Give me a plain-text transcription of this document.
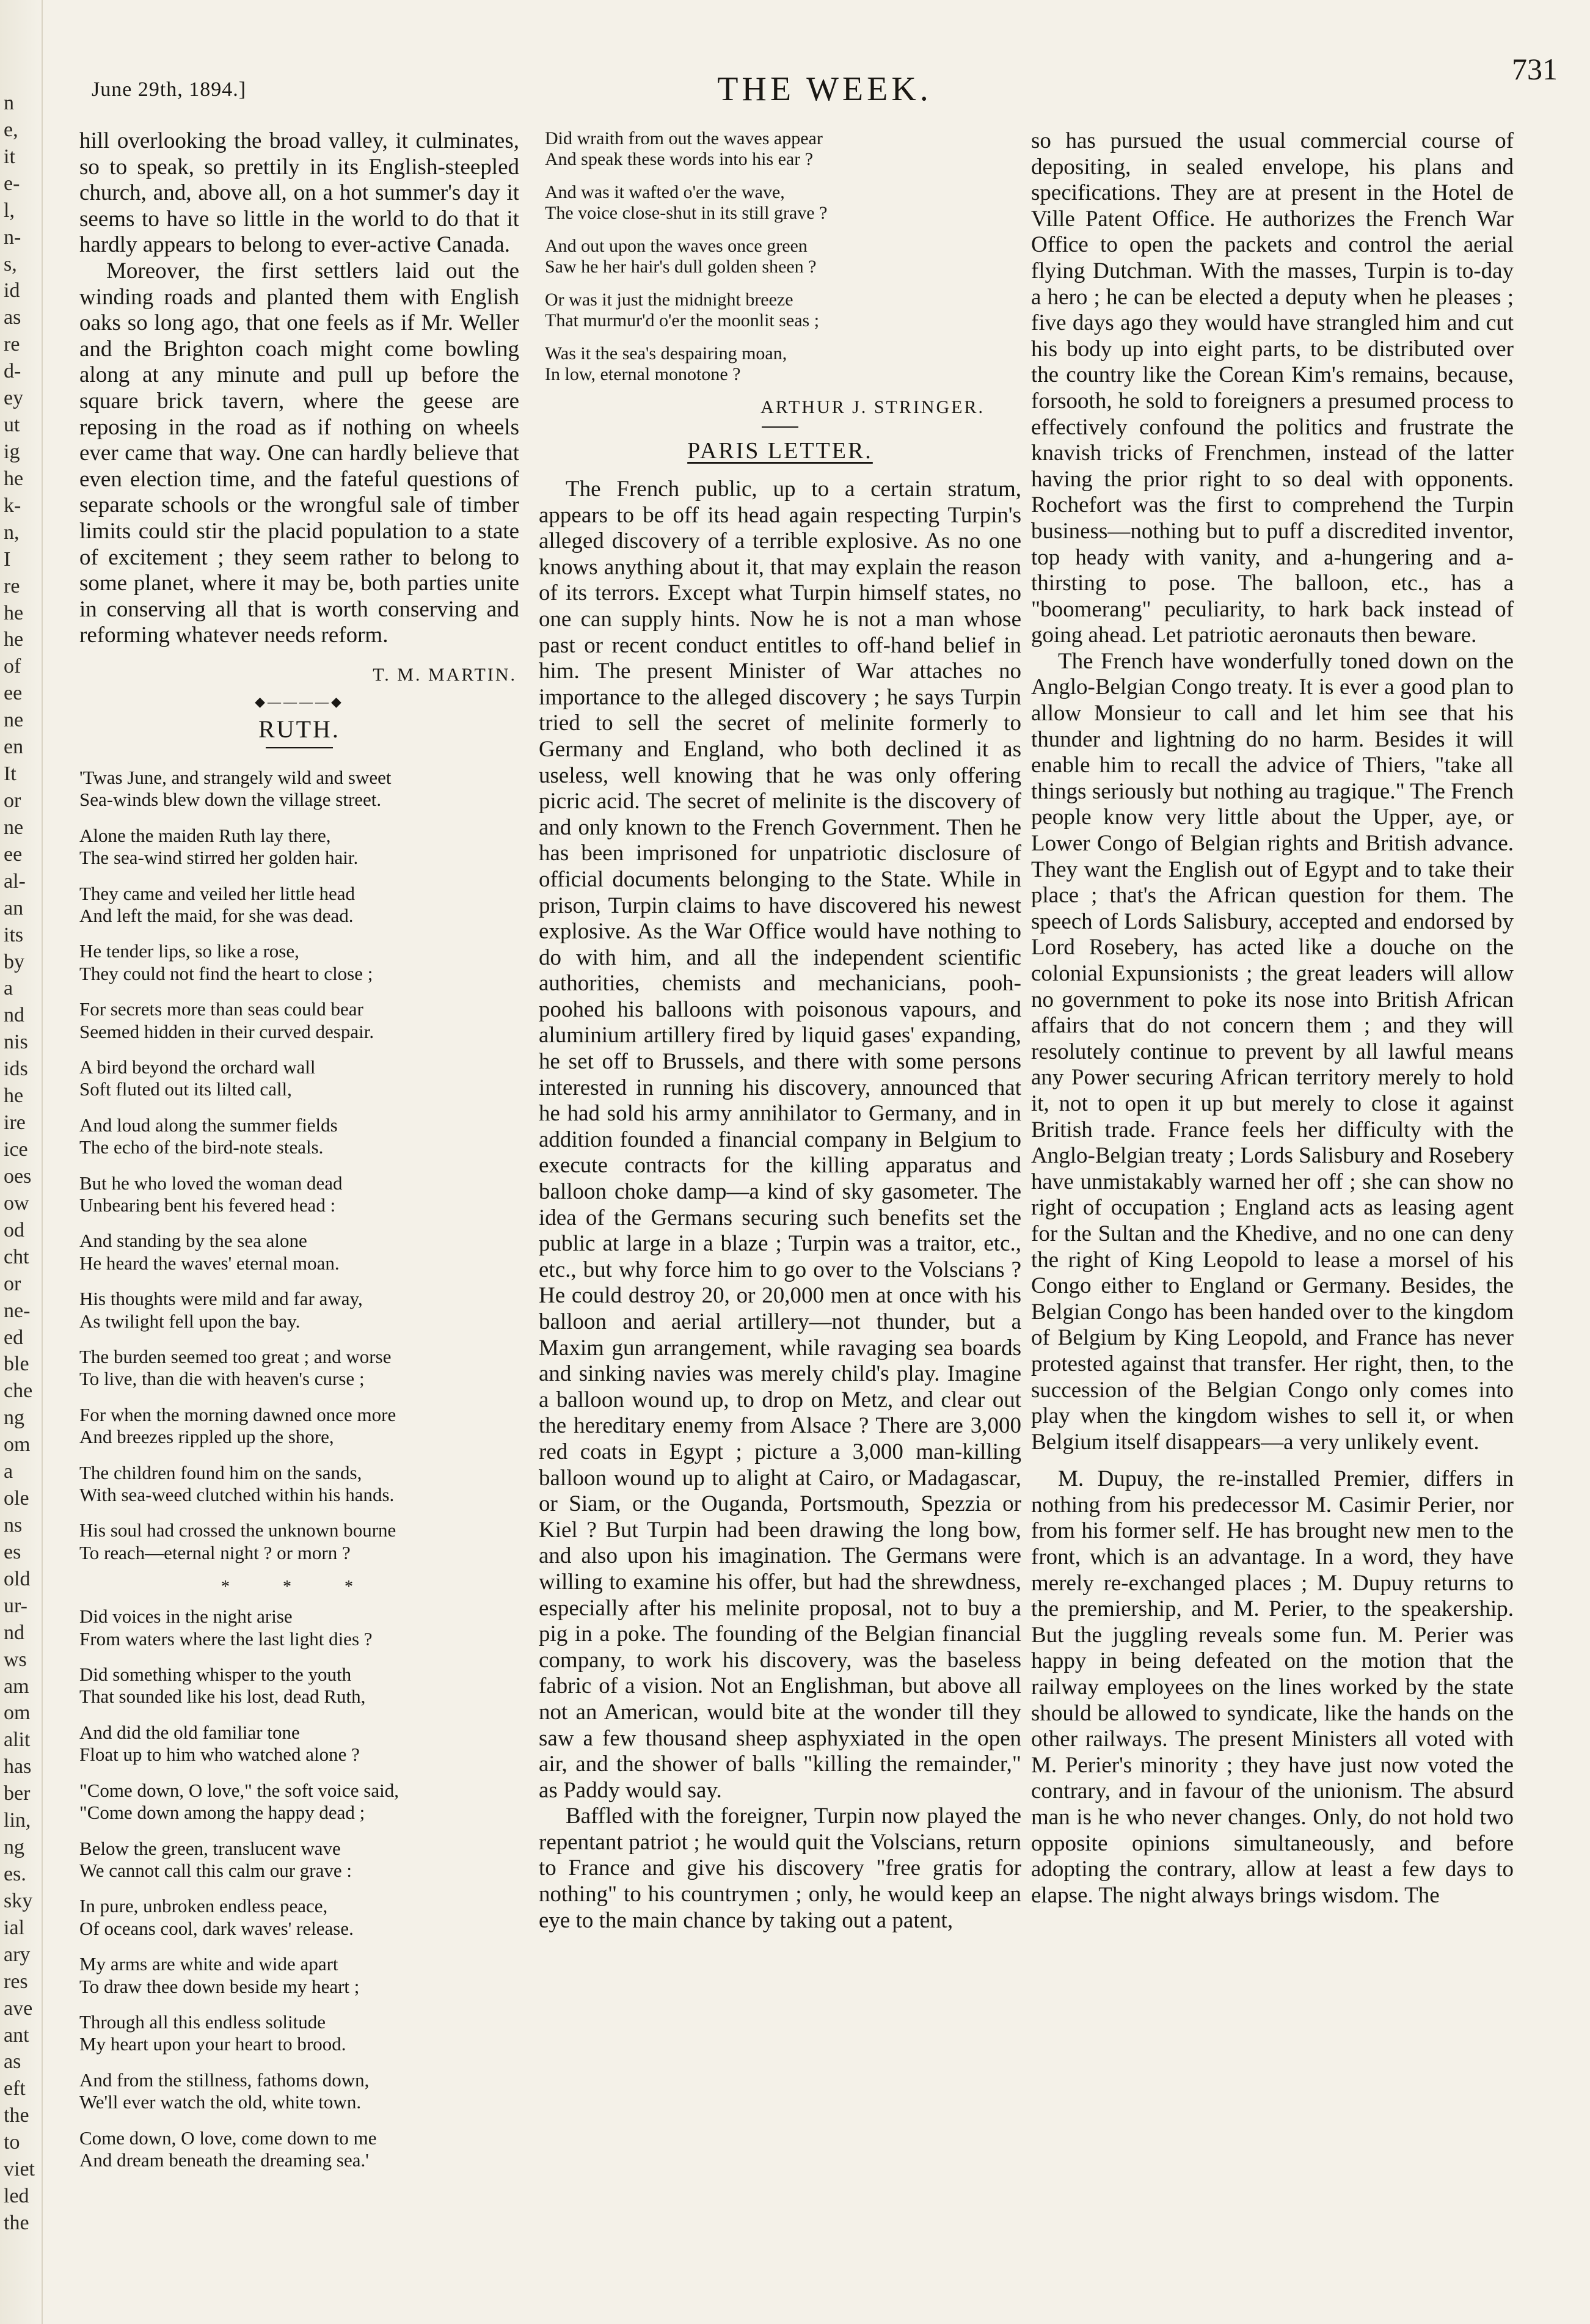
n
e,
it
e-
l,
n-
s,
id
as
re
d-
ey
ut
ig
he
k-
n,
I
re
he
he
of
ee
ne
en
It
or
ne
ee
al-
an
its
by
a
nd
nis
ids
he
ire
ice
oes
ow
od
cht
or
ne-
ed
ble
che
ng
om
a
ole
ns
es
old
ur-
nd
ws
am
om
alit
has
ber
lin,
ng
es.
sky
ial
ary
res
ave
ant
as
eft
the
to
viet
led
the
June 29th, 1894.]	THE WEEK.
731

hill overlooking the broad valley, it culminates, so to speak, so prettily in its English-steepled church, and, above all, on a hot summer's day it seems to have so little in the world to do that it hardly appears to belong to ever-active Canada.

Moreover, the first settlers laid out the winding roads and planted them with English oaks so long ago, that one feels as if Mr. Weller and the Brighton coach might come bowling along at any minute and pull up before the square brick tavern, where the geese are reposing in the road as if nothing on wheels ever came that way. One can hardly believe that even election time, and the fateful questions of separate schools or the wrongful sale of timber limits could stir the placid population to a state of excitement ; they seem rather to belong to some planet, where it may be, both parties unite in conserving all that is worth conserving and reforming whatever needs reform.

T. M. MARTIN.
◆————◆
RUTH.
'Twas June, and strangely wild and sweet
Sea-winds blew down the village street.
Alone the maiden Ruth lay there,
The sea-wind stirred her golden hair.
They came and veiled her little head
And left the maid, for she was dead.
He tender lips, so like a rose,
They could not find the heart to close ;
For secrets more than seas could bear
Seemed hidden in their curved despair.
A bird beyond the orchard wall
Soft fluted out its lilted call,
And loud along the summer fields
The echo of the bird-note steals.
But he who loved the woman dead
Unbearing bent his fevered head :
And standing by the sea alone
He heard the waves' eternal moan.
His thoughts were mild and far away,
As twilight fell upon the bay.
The burden seemed too great ; and worse
To live, than die with heaven's curse ;
For when the morning dawned once more
And breezes rippled up the shore,
The children found him on the sands,
With sea-weed clutched within his hands.
His soul had crossed the unknown bourne
To reach—eternal night ? or morn ?
* * *
Did voices in the night arise
From waters where the last light dies ?
Did something whisper to the youth
That sounded like his lost, dead Ruth,
And did the old familiar tone
Float up to him who watched alone ?
"Come down, O love," the soft voice said,
"Come down among the happy dead ;
Below the green, translucent wave
We cannot call this calm our grave :
In pure, unbroken endless peace,
Of oceans cool, dark waves' release.
My arms are white and wide apart
To draw thee down beside my heart ;
Through all this endless solitude
My heart upon your heart to brood.
And from the stillness, fathoms down,
We'll ever watch the old, white town.
Come down, O love, come down to me
And dream beneath the dreaming sea.'
Did wraith from out the waves appear
And speak these words into his ear ?
And was it wafted o'er the wave,
The voice close-shut in its still grave ?
And out upon the waves once green
Saw he her hair's dull golden sheen ?
Or was it just the midnight breeze
That murmur'd o'er the moonlit seas ;
Was it the sea's despairing moan,
In low, eternal monotone ?
ARTHUR J. STRINGER.
PARIS LETTER.

The French public, up to a certain stratum, appears to be off its head again respecting Turpin's alleged discovery of a terrible explosive. As no one knows anything about it, that may explain the reason of its terrors. Except what Turpin himself states, no one can supply hints. Now he is not a man whose past or recent conduct entitles to off-hand belief in him. The present Minister of War attaches no importance to the alleged discovery ; he says Turpin tried to sell the secret of melinite formerly to Germany and England, who both declined it as useless, well knowing that he was only offering picric acid. The secret of melinite is the discovery of and only known to the French Government. Then he has been imprisoned for unpatriotic disclosure of official documents belonging to the State. While in prison, Turpin claims to have discovered his newest explosive. As the War Office would have nothing to do with him, and all the independent scientific authorities, chemists and mechanicians, pooh-poohed his balloons with poisonous vapours, and aluminium artillery fired by liquid gases' expanding, he set off to Brussels, and there with some persons interested in running his discovery, announced that he had sold his army annihilator to Germany, and in addition founded a financial company in Belgium to execute contracts for the killing apparatus and balloon choke damp—a kind of sky gasometer. The idea of the Germans securing such benefits set the public at large in a blaze ; Turpin was a traitor, etc., etc., but why force him to go over to the Volscians ? He could destroy 20, or 20,000 men at once with his balloon and aerial artillery—not thunder, but a Maxim gun arrangement, while ravaging sea boards and sinking navies was merely child's play. Imagine a balloon wound up, to drop on Metz, and clear out the hereditary enemy from Alsace ? There are 3,000 red coats in Egypt ; picture a 3,000 man-killing balloon wound up to alight at Cairo, or Madagascar, or Siam, or the Ouganda, Portsmouth, Spezzia or Kiel ? But Turpin had been drawing the long bow, and also upon his imagination. The Germans were willing to examine his offer, but had the shrewdness, especially after his melinite proposal, not to buy a pig in a poke. The founding of the Belgian financial company, to work his discovery, was the baseless fabric of a vision. Not an Englishman, but above all not an American, would bite at the wonder till they saw a few thousand sheep asphyxiated in the open air, and the shower of balls "killing the remainder," as Paddy would say.

Baffled with the foreigner, Turpin now played the repentant patriot ; he would quit the Volscians, return to France and give his discovery "free gratis for nothing" to his countrymen ; only, he would keep an eye to the main chance by taking out a patent,

so has pursued the usual commercial course of depositing, in sealed envelope, his plans and specifications. They are at present in the Hotel de Ville Patent Office. He authorizes the French War Office to open the packets and control the aerial flying Dutchman. With the masses, Turpin is to-day a hero ; he can be elected a deputy when he pleases ; five days ago they would have strangled him and cut his body up into eight parts, to be distributed over the country like the Corean Kim's remains, because, forsooth, he sold to foreigners a presumed process to effectively confound the politics and frustrate the knavish tricks of Frenchmen, instead of the latter having the prior right to so deal with opponents. Rochefort was the first to comprehend the Turpin business—nothing but to puff a discredited inventor, top heady with vanity, and a-hungering and a-thirsting to pose. The balloon, etc., has a "boomerang" peculiarity, to hark back instead of going ahead. Let patriotic aeronauts then beware.

The French have wonderfully toned down on the Anglo-Belgian Congo treaty. It is ever a good plan to allow Monsieur to call and let him see that his thunder and lightning do no harm. Besides it will enable him to recall the advice of Thiers, "take all things seriously but nothing au tragique." The French people know very little about the Upper, aye, or Lower Congo of Belgian rights and British advance. They want the English out of Egypt and to take their place ; that's the African question for them. The speech of Lords Salisbury, accepted and endorsed by Lord Rosebery, has acted like a douche on the colonial Expunsionists ; the great leaders will allow no government to poke its nose into British African affairs that do not concern them ; and they will resolutely continue to prevent by all lawful means any Power securing African territory merely to hold it, not to open it up but merely to close it against British trade. France feels her difficulty with the Anglo-Belgian treaty ; Lords Salisbury and Rosebery have unmistakably warned her off ; she can show no right of occupation ; England acts as leasing agent for the Sultan and the Khedive, and no one can deny the right of King Leopold to lease a morsel of his Congo either to England or Germany. Besides, the Belgian Congo has been handed over to the kingdom of Belgium by King Leopold, and France has never protested against that transfer. Her right, then, to the succession of the Belgian Congo only comes into play when the kingdom wishes to sell it, or when Belgium itself disappears—a very unlikely event.

M. Dupuy, the re-installed Premier, differs in nothing from his predecessor M. Casimir Perier, nor from his former self. He has brought new men to the front, which is an advantage. In a word, they have merely re-exchanged places ; M. Dupuy returns to the premiership, and M. Perier, to the speakership. But the juggling reveals some fun. M. Perier was happy in being defeated on the motion that the railway employees on the lines worked by the state should be allowed to syndicate, like the hands on the other railways. The present Ministers all voted with M. Perier's minority ; they have just now voted the contrary, and in favour of the unionism. The absurd man is he who never changes. Only, do not hold two opposite opinions simultaneously, and before adopting the contrary, allow at least a few days to elapse. The night always brings wisdom. The
